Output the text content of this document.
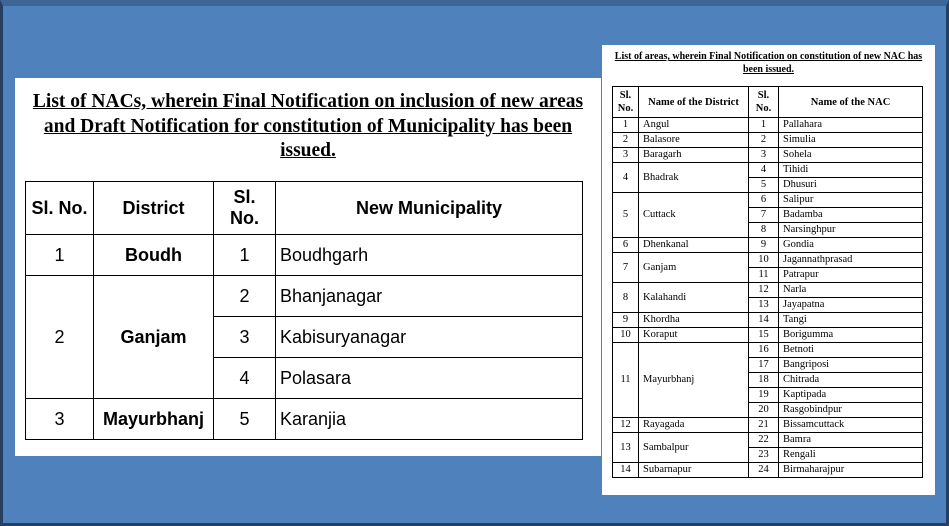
List of NACs, wherein Final Notification on inclusion of new areas and Draft Notification for constitution of Municipality has been issued.
Sl. No.	District	Sl. No.	New Municipality
1	Boudh	1	Boudhgarh
2	Ganjam	2	Bhanjanagar
		3	Kabisuryanagar
		4	Polasara
3	Mayurbhanj	5	Karanjia
List of areas, wherein Final Notification on constitution of new NAC has been issued.
Sl. No.	Name of the District	Sl. No.	Name of the NAC
1	Angul	1	Pallahara
2	Balasore	2	Simulia
3	Baragarh	3	Sohela
4	Bhadrak	4	Tihidi
		5	Dhusuri
5	Cuttack	6	Salipur
		7	Badamba
		8	Narsinghpur
6	Dhenkanal	9	Gondia
7	Ganjam	10	Jagannathprasad
		11	Patrapur
8	Kalahandi	12	Narla
		13	Jayapatna
9	Khordha	14	Tangi
10	Koraput	15	Borigumma
11	Mayurbhanj	16	Betnoti
		17	Bangriposi
		18	Chitrada
		19	Kaptipada
		20	Rasgobindpur
12	Rayagada	21	Bissamcuttack
13	Sambalpur	22	Bamra
		23	Rengali
14	Subarnapur	24	Birmaharajpur
